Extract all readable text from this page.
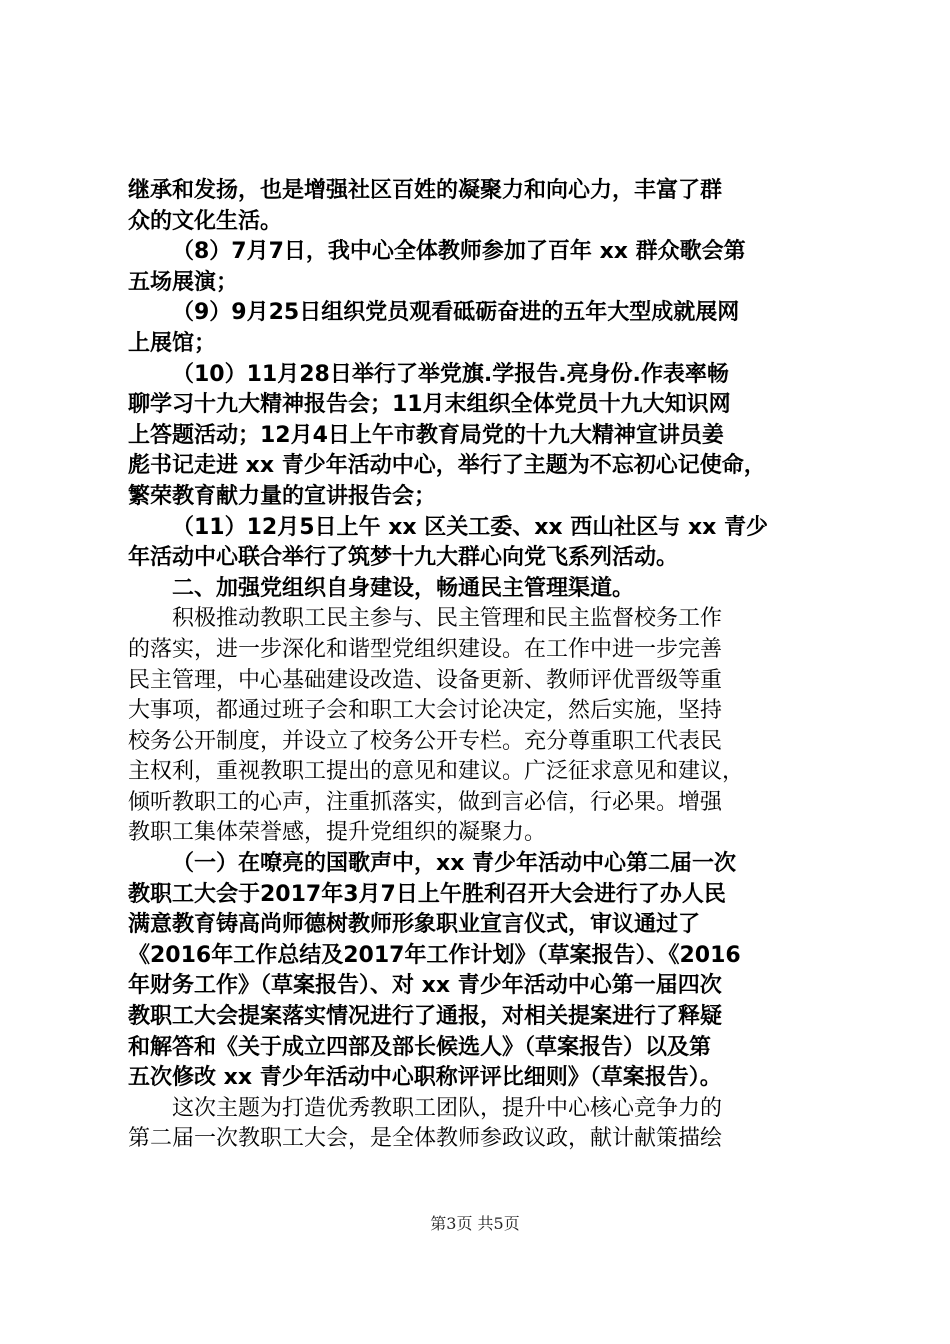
继承和发扬，也是增强社区百姓的凝聚力和向心力，丰富了群
众的文化生活。
（8）7月7日，我中心全体教师参加了百年 xx 群众歌会第
五场展演；
（9）9月25日组织党员观看砥砺奋进的五年大型成就展网
上展馆；
（10）11月28日举行了举党旗.学报告.亮身份.作表率畅
聊学习十九大精神报告会；11月末组织全体党员十九大知识网
上答题活动；12月4日上午市教育局党的十九大精神宣讲员姜
彪书记走进 xx 青少年活动中心，举行了主题为不忘初心记使命，
繁荣教育献力量的宣讲报告会；
（11）12月5日上午 xx 区关工委、xx 西山社区与 xx 青少
年活动中心联合举行了筑梦十九大群心向党飞系列活动。
二、加强党组织自身建设，畅通民主管理渠道。
积极推动教职工民主参与、民主管理和民主监督校务工作
的落实，进一步深化和谐型党组织建设。在工作中进一步完善
民主管理，中心基础建设改造、设备更新、教师评优晋级等重
大事项，都通过班子会和职工大会讨论决定，然后实施，坚持
校务公开制度，并设立了校务公开专栏。充分尊重职工代表民
主权利，重视教职工提出的意见和建议。广泛征求意见和建议，
倾听教职工的心声，注重抓落实，做到言必信，行必果。增强
教职工集体荣誉感，提升党组织的凝聚力。
（一）在嘹亮的国歌声中，xx 青少年活动中心第二届一次
教职工大会于2017年3月7日上午胜利召开大会进行了办人民
满意教育铸高尚师德树教师形象职业宣言仪式，审议通过了
《2016年工作总结及2017年工作计划》（草案报告）、《2016
年财务工作》（草案报告）、对 xx 青少年活动中心第一届四次
教职工大会提案落实情况进行了通报，对相关提案进行了释疑
和解答和《关于成立四部及部长候选人》（草案报告）以及第
五次修改 xx 青少年活动中心职称评评比细则》（草案报告）。
这次主题为打造优秀教职工团队，提升中心核心竞争力的
第二届一次教职工大会，是全体教师参政议政，献计献策描绘
第3页 共5页
